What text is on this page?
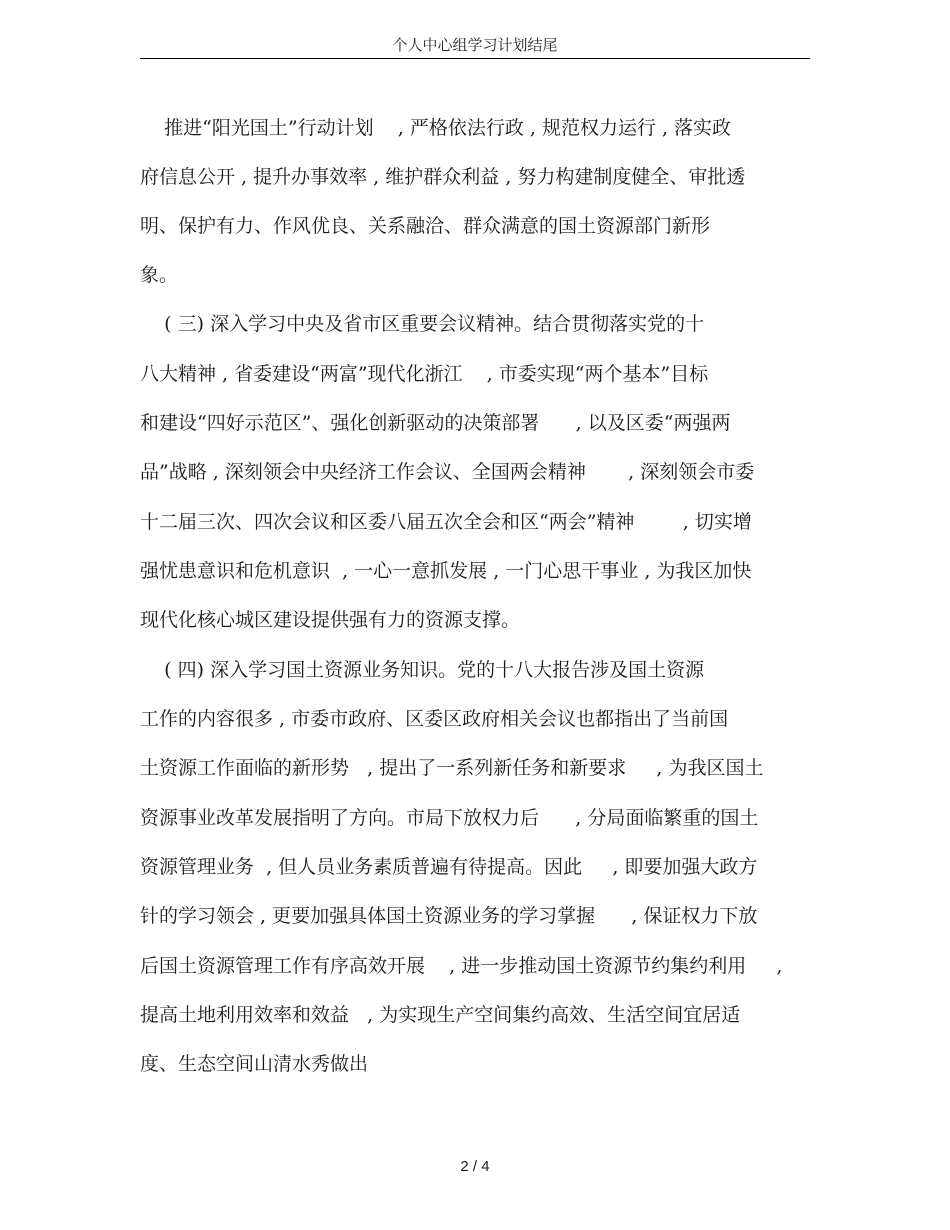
个人中心组学习计划结尾
推进“阳光国土”行动计划    , 严格依法行政 , 规范权力运行 , 落实政
府信息公开 , 提升办事效率 , 维护群众利益 , 努力构建制度健全、审批透
明、保护有力、作风优良、关系融洽、群众满意的国土资源部门新形
象。
( 三) 深入学习中央及省市区重要会议精神。结合贯彻落实党的十
八大精神 , 省委建设“两富”现代化浙江    , 市委实现“两个基本”目标
和建设“四好示范区”、强化创新驱动的决策部署      , 以及区委“两强两
品”战略 , 深刻领会中央经济工作会议、全国两会精神       , 深刻领会市委
十二届三次、四次会议和区委八届五次全会和区“两会”精神        , 切实增
强忧患意识和危机意识  , 一心一意抓发展 , 一门心思干事业 , 为我区加快
现代化核心城区建设提供强有力的资源支撑。
( 四) 深入学习国土资源业务知识。党的十八大报告涉及国土资源
工作的内容很多 , 市委市政府、区委区政府相关会议也都指出了当前国
土资源工作面临的新形势   , 提出了一系列新任务和新要求     , 为我区国土
资源事业改革发展指明了方向。市局下放权力后      , 分局面临繁重的国土
资源管理业务  , 但人员业务素质普遍有待提高。因此     , 即要加强大政方
针的学习领会 , 更要加强具体国土资源业务的学习掌握      , 保证权力下放
后国土资源管理工作有序高效开展    , 进一步推动国土资源节约集约利用     ,
提高土地利用效率和效益   , 为实现生产空间集约高效、生活空间宜居适
度、生态空间山清水秀做出
2 / 4
